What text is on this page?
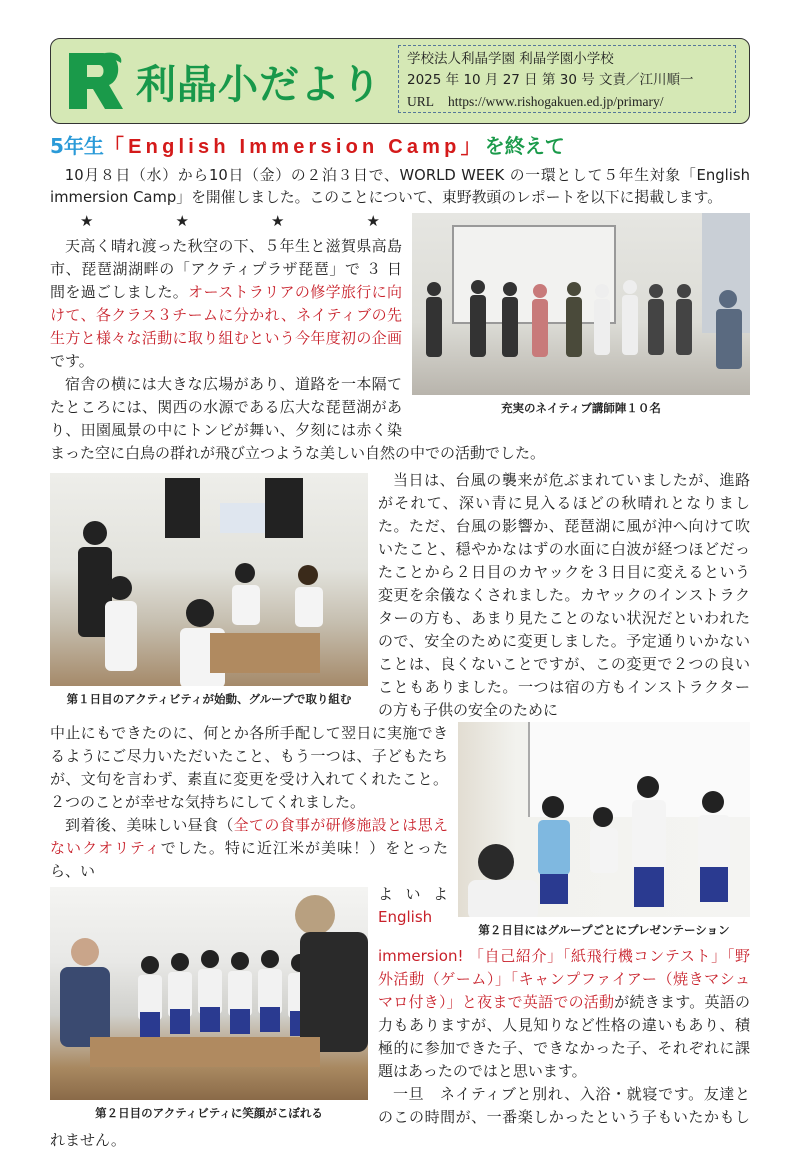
利晶小だより
学校法人利晶学園 利晶学園小学校
2025 年 10 月 27 日 第 30 号 文責／江川順一
URL https://www.rishogakuen.ed.jp/primary/
5年生「English Immersion Camp」を終えて

10月８日（水）から10日（金）の２泊３日で、WORLD WEEK の一環として５年生対象「English immersion Camp」を開催しました。このことについて、東野教頭のレポートを以下に掲載します。

★	★	★	★
充実のネイティブ講師陣１０名

天高く晴れ渡った秋空の下、５年生と滋賀県高島市、琵琶湖湖畔の「アクティプラザ琵琶」で ３ 日間を過ごしました。オーストラリアの修学旅行に向けて、各クラス３チームに分かれ、ネイティブの先生方と様々な活動に取り組むという今年度初の企画です。

宿舎の横には大きな広場があり、道路を一本隔てたところには、関西の水源である広大な琵琶湖があり、田園風景の中にトンビが舞い、夕刻には赤く染まった空に白鳥の群れが飛び立つような美しい自然の中での活動でした。

第１日目のアクティビティが始動、グループで取り組む

当日は、台風の襲来が危ぶまれていましたが、進路がそれて、深い青に見入るほどの秋晴れとなりました。ただ、台風の影響か、琵琶湖に風が沖へ向けて吹いたこと、穏やかなはずの水面に白波が経つほどだったことから２日目のカヤックを３日目に変えるという変更を余儀なくされました。カヤックのインストラクターの方も、あまり見たことのない状況だといわれたので、安全のために変更しました。予定通りいかないことは、良くないことですが、この変更で２つの良いこともありました。一つは宿の方もインストラクターの方も子供の安全のために

第２日目にはグループごとにプレゼンテーション
中止にもできたのに、何とか各所手配して翌日に実施できるようにご尽力いただいたこと、もう一つは、子どもたちが、文句を言わず、素直に変更を受け入れてくれたこと。２つのことが幸せな気持ちにしてくれました。

到着後、美味しい昼食（全ての食事が研修施設とは思えないクオリティでした。特に近江米が美味！）をとったら、い

第２日目のアクティビティに笑顔がこぼれる
よ い よ English immersion! 「自己紹介」「紙飛行機コンテスト」「野外活動（ゲーム）」「キャンプファイアー（焼きマシュマロ付き）」と夜まで英語での活動が続きます。英語の力もありますが、人見知りなど性格の違いもあり、積極的に参加できた子、できなかった子、それぞれに課題はあったのではと思います。

一旦　ネイティブと別れ、入浴・就寝です。友達とのこの時間が、一番楽しかったという子もいたかもしれません。
